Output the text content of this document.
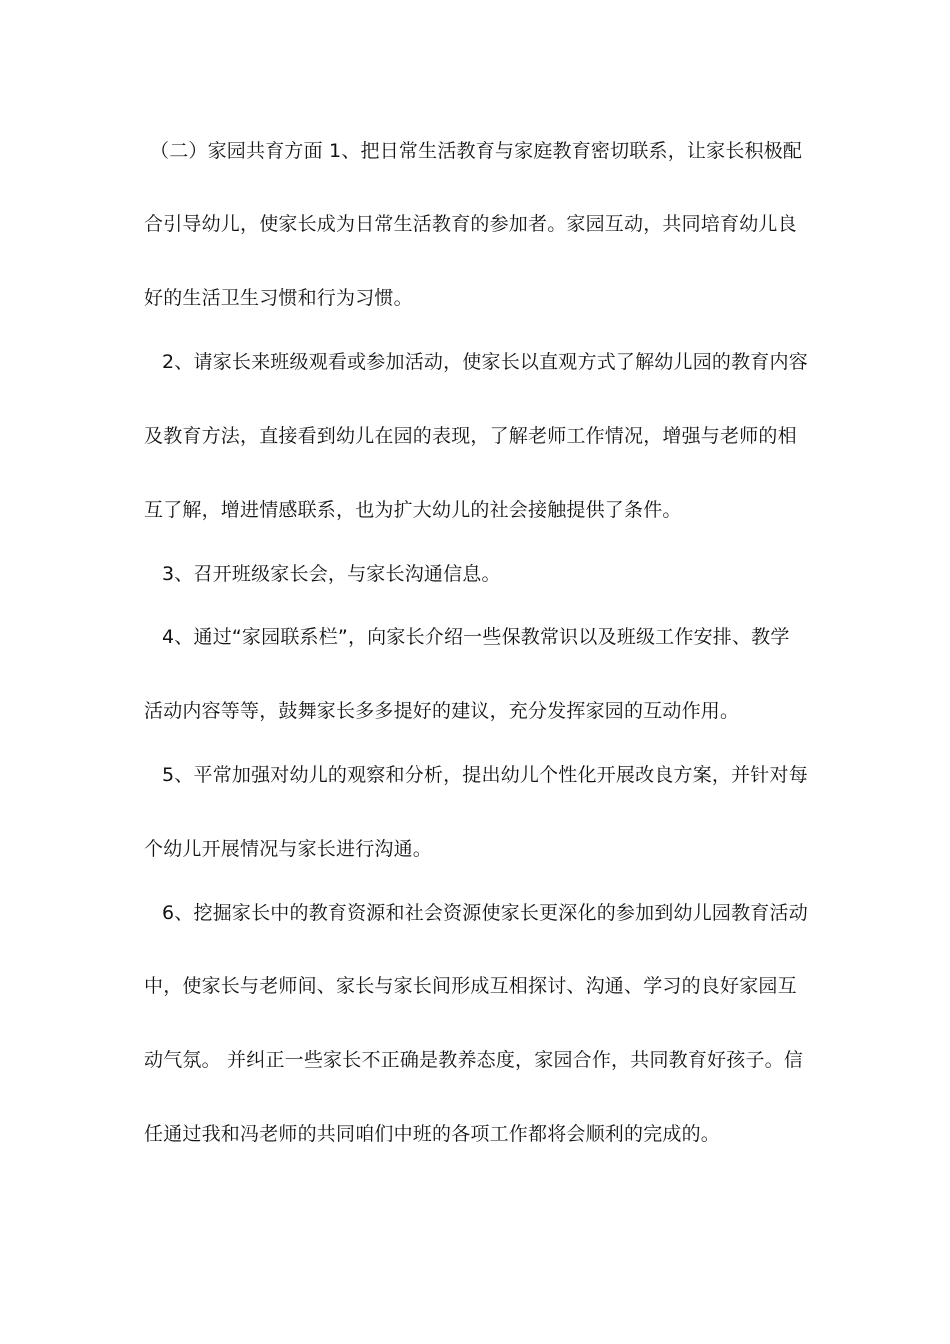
（二）家园共育方面 1、把日常生活教育与家庭教育密切联系，让家长积极配
合引导幼儿，使家长成为日常生活教育的参加者。家园互动，共同培育幼儿良
好的生活卫生习惯和行为习惯。
2、请家长来班级观看或参加活动，使家长以直观方式了解幼儿园的教育内容
及教育方法，直接看到幼儿在园的表现，了解老师工作情况，增强与老师的相
互了解，增进情感联系，也为扩大幼儿的社会接触提供了条件。
3、召开班级家长会，与家长沟通信息。
4、通过“家园联系栏”，向家长介绍一些保教常识以及班级工作安排、教学
活动内容等等，鼓舞家长多多提好的建议，充分发挥家园的互动作用。
5、平常加强对幼儿的观察和分析，提出幼儿个性化开展改良方案，并针对每
个幼儿开展情况与家长进行沟通。
6、挖掘家长中的教育资源和社会资源使家长更深化的参加到幼儿园教育活动
中，使家长与老师间、家长与家长间形成互相探讨、沟通、学习的良好家园互
动气氛。 并纠正一些家长不正确是教养态度，家园合作，共同教育好孩子。信
任通过我和冯老师的共同咱们中班的各项工作都将会顺利的完成的。
